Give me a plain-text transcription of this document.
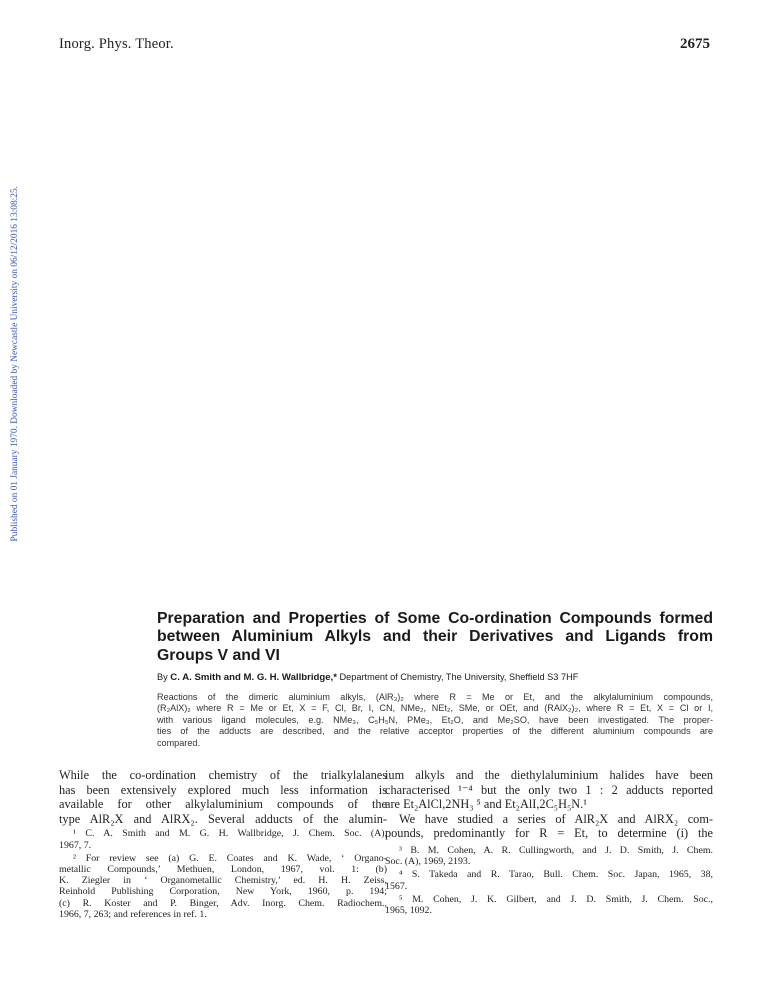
Inorg. Phys. Theor.	2675
Published on 01 January 1970. Downloaded by Newcastle University on 06/12/2016 13:08:25.
Preparation and Properties of Some Co-ordination Compounds formed
between Aluminium Alkyls and their Derivatives and Ligands from
Groups V and VI
By C. A. Smith and M. G. H. Wallbridge,* Department of Chemistry, The University, Sheffield S3 7HF
Reactions of the dimeric aluminium alkyls, (AlR₃)₂ where R = Me or Et, and the alkylaluminium compounds,
(R₂AlX)₂ where R = Me or Et, X = F, Cl, Br, I, CN, NMe₂, NEt₂, SMe, or OEt, and (RAlX₂)₂, where R = Et, X = Cl or I,
with various ligand molecules, e.g. NMe₃, C₅H₅N, PMe₃, Et₂O, and Me₂SO, have been investigated. The proper-
ties of the adducts are described, and the relative acceptor properties of the different aluminium compounds are
compared.
While the co-ordination chemistry of the trialkylalanes
has been extensively explored much less information is
available for other alkylaluminium compounds of the
type AlR₂X and AlRX₂. Several adducts of the alumin-
¹ C. A. Smith and M. G. H. Wallbridge, J. Chem. Soc. (A),
1967, 7.
² For review see (a) G. E. Coates and K. Wade, ‘ Organo-
metallic Compounds,’ Methuen, London, 1967, vol. 1: (b)
K. Ziegler in ‘ Organometallic Chemistry,’ ed. H. H. Zeiss,
Reinhold Publishing Corporation, New York, 1960, p. 194;
(c) R. Koster and P. Binger, Adv. Inorg. Chem. Radiochem.,
1966, 7, 263; and references in ref. 1.
ium alkyls and the diethylaluminium halides have been
characterised ¹⁻⁴ but the only two 1 : 2 adducts reported
are Et₂AlCl,2NH₃ ⁵ and Et₂AlI,2C₅H₅N.¹
We have studied a series of AlR₂X and AlRX₂ com-
pounds, predominantly for R = Et, to determine (i) the
³ B. M. Cohen, A. R. Cullingworth, and J. D. Smith, J. Chem.
Soc. (A), 1969, 2193.
⁴ S. Takeda and R. Tarao, Bull. Chem. Soc. Japan, 1965, 38,
1567.
⁵ M. Cohen, J. K. Gilbert, and J. D. Smith, J. Chem. Soc.,
1965, 1092.
